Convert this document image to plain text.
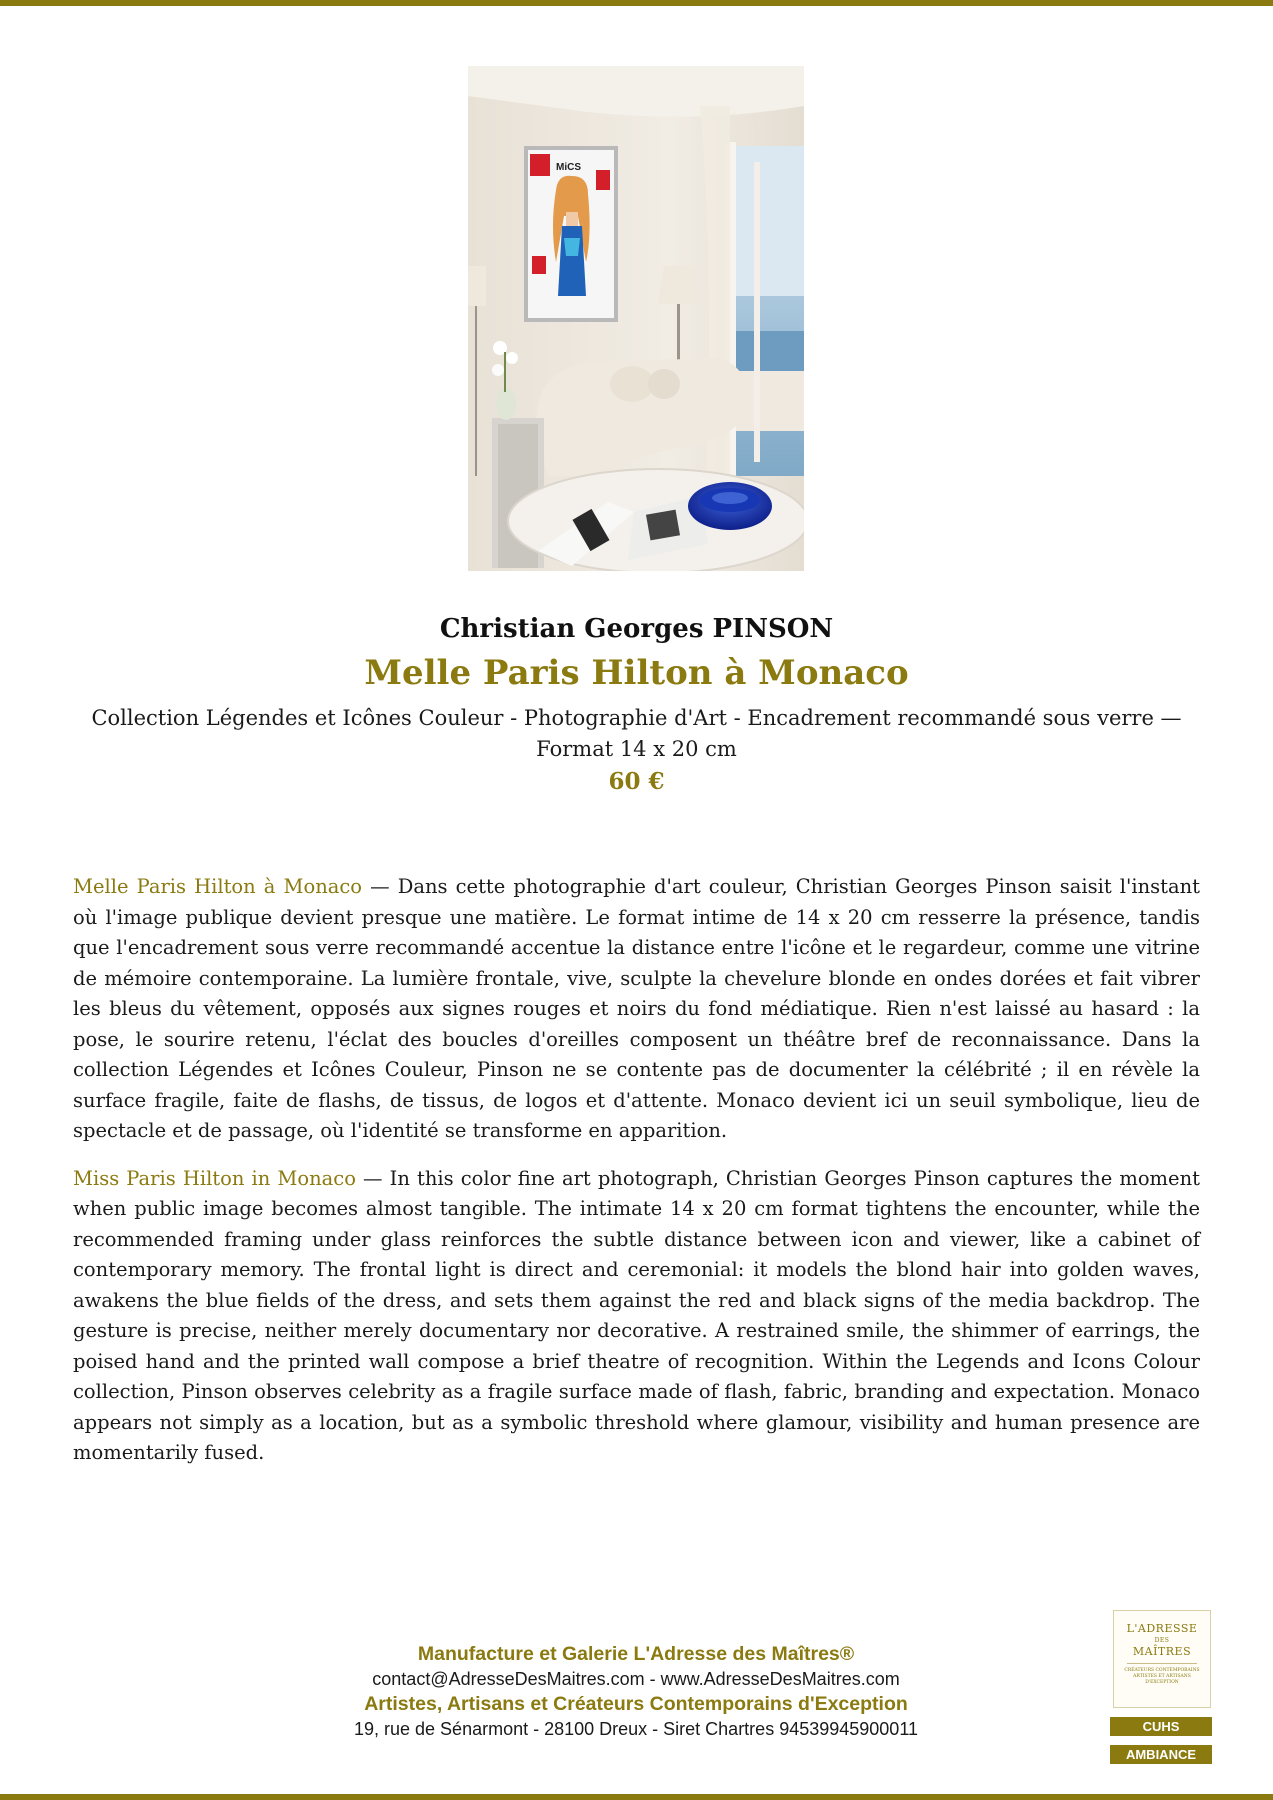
MiCS
Christian Georges PINSON
Melle Paris Hilton à Monaco
Collection Légendes et Icônes Couleur - Photographie d'Art - Encadrement recommandé sous verre — Format 14 x 20 cm
60 €

Melle Paris Hilton à Monaco — Dans cette photographie d'art couleur, Christian Georges Pinson saisit l'instant où l'image publique devient presque une matière. Le format intime de 14 x 20 cm resserre la présence, tandis que l'encadrement sous verre recommandé accentue la distance entre l'icône et le regardeur, comme une vitrine de mémoire contemporaine. La lumière frontale, vive, sculpte la chevelure blonde en ondes dorées et fait vibrer les bleus du vêtement, opposés aux signes rouges et noirs du fond médiatique. Rien n'est laissé au hasard : la pose, le sourire retenu, l'éclat des boucles d'oreilles composent un théâtre bref de reconnaissance. Dans la collection Légendes et Icônes Couleur, Pinson ne se contente pas de documenter la célébrité ; il en révèle la surface fragile, faite de flashs, de tissus, de logos et d'attente. Monaco devient ici un seuil symbolique, lieu de spectacle et de passage, où l'identité se transforme en apparition.

Miss Paris Hilton in Monaco — In this color fine art photograph, Christian Georges Pinson captures the moment when public image becomes almost tangible. The intimate 14 x 20 cm format tightens the encounter, while the recommended framing under glass reinforces the subtle distance between icon and viewer, like a cabinet of contemporary memory. The frontal light is direct and ceremonial: it models the blond hair into golden waves, awakens the blue fields of the dress, and sets them against the red and black signs of the media backdrop. The gesture is precise, neither merely documentary nor decorative. A restrained smile, the shimmer of earrings, the poised hand and the printed wall compose a brief theatre of recognition. Within the Legends and Icons Colour collection, Pinson observes celebrity as a fragile surface made of flash, fabric, branding and expectation. Monaco appears not simply as a location, but as a symbolic threshold where glamour, visibility and human presence are momentarily fused.

Manufacture et Galerie L'Adresse des Maîtres®
contact@AdresseDesMaitres.com - www.AdresseDesMaitres.com
Artistes, Artisans et Créateurs Contemporains d'Exception
19, rue de Sénarmont - 28100 Dreux - Siret Chartres 94539945900011
L'ADRESSE
DES
MAÎTRES
CRÉATEURS CONTEMPORAINS ARTISTES ET ARTISANS D'EXCEPTION
CUHS
AMBIANCE
